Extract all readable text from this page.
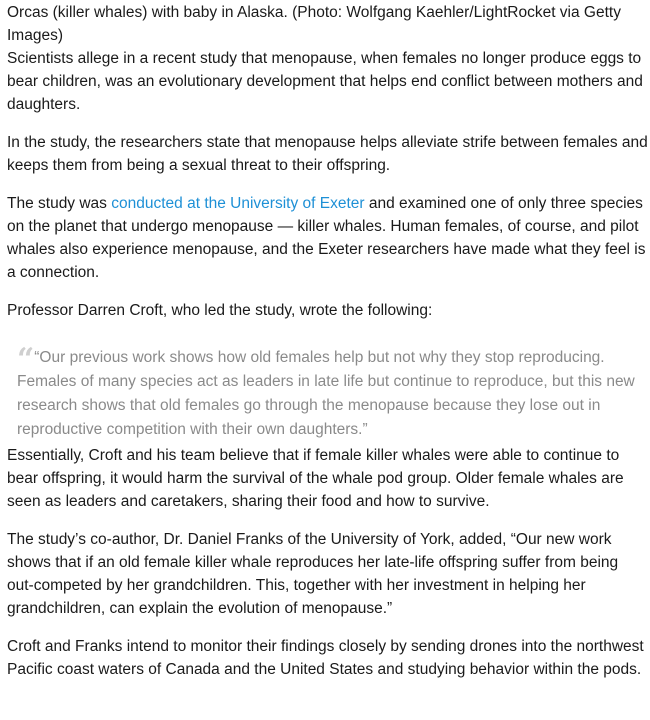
Orcas (killer whales) with baby in Alaska. (Photo: Wolfgang Kaehler/LightRocket via Getty Images)

Scientists allege in a recent study that menopause, when females no longer produce eggs to bear children, was an evolutionary development that helps end conflict between mothers and daughters.

In the study, the researchers state that menopause helps alleviate strife between females and keeps them from being a sexual threat to their offspring.

The study was conducted at the University of Exeter and examined one of only three species on the planet that undergo menopause — killer whales. Human females, of course, and pilot whales also experience menopause, and the Exeter researchers have made what they feel is a connection.

Professor Darren Croft, who led the study, wrote the following:

“ “Our previous work shows how old females help but not why they stop reproducing. Females of many species act as leaders in late life but continue to reproduce, but this new research shows that old females go through the menopause because they lose out in reproductive competition with their own daughters.”

Essentially, Croft and his team believe that if female killer whales were able to continue to bear offspring, it would harm the survival of the whale pod group. Older female whales are seen as leaders and caretakers, sharing their food and how to survive.

The study’s co-author, Dr. Daniel Franks of the University of York, added, “Our new work shows that if an old female killer whale reproduces her late-life offspring suffer from being out-competed by her grandchildren. This, together with her investment in helping her grandchildren, can explain the evolution of menopause.”

Croft and Franks intend to monitor their findings closely by sending drones into the northwest Pacific coast waters of Canada and the United States and studying behavior within the pods.
